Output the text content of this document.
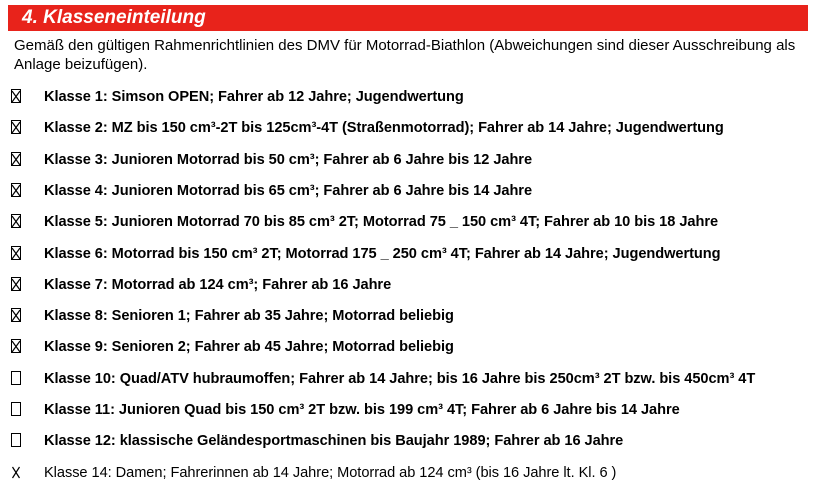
4. Klasseneinteilung
Gemäß den gültigen Rahmenrichtlinien des DMV für Motorrad-Biathlon (Abweichungen sind dieser Ausschreibung als Anlage beizufügen).
Klasse 1: Simson OPEN; Fahrer ab 12 Jahre; Jugendwertung
Klasse 2: MZ bis 150 cm³-2T bis 125cm³-4T (Straßenmotorrad); Fahrer ab 14 Jahre; Jugendwertung
Klasse 3: Junioren Motorrad bis 50 cm³; Fahrer ab 6 Jahre bis 12 Jahre
Klasse 4: Junioren Motorrad bis 65 cm³; Fahrer ab 6 Jahre bis 14 Jahre
Klasse 5: Junioren Motorrad 70 bis 85 cm³ 2T; Motorrad 75 _ 150 cm³ 4T; Fahrer ab 10 bis 18 Jahre
Klasse 6: Motorrad bis 150 cm³ 2T; Motorrad 175 _ 250 cm³ 4T; Fahrer ab 14 Jahre; Jugendwertung
Klasse 7: Motorrad ab 124 cm³; Fahrer ab 16 Jahre
Klasse 8: Senioren 1; Fahrer ab 35 Jahre; Motorrad beliebig
Klasse 9: Senioren 2; Fahrer ab 45 Jahre; Motorrad beliebig
Klasse 10: Quad/ATV hubraumoffen; Fahrer ab 14 Jahre; bis 16 Jahre bis 250cm³ 2T bzw. bis 450cm³ 4T
Klasse 11: Junioren Quad bis 150 cm³ 2T bzw. bis 199 cm³ 4T; Fahrer ab 6 Jahre bis 14 Jahre
Klasse 12: klassische Geländesportmaschinen bis Baujahr 1989; Fahrer ab 16 Jahre
Klasse 14: Damen; Fahrerinnen ab 14 Jahre; Motorrad ab 124 cm³ (bis 16 Jahre lt. Kl. 6 )
